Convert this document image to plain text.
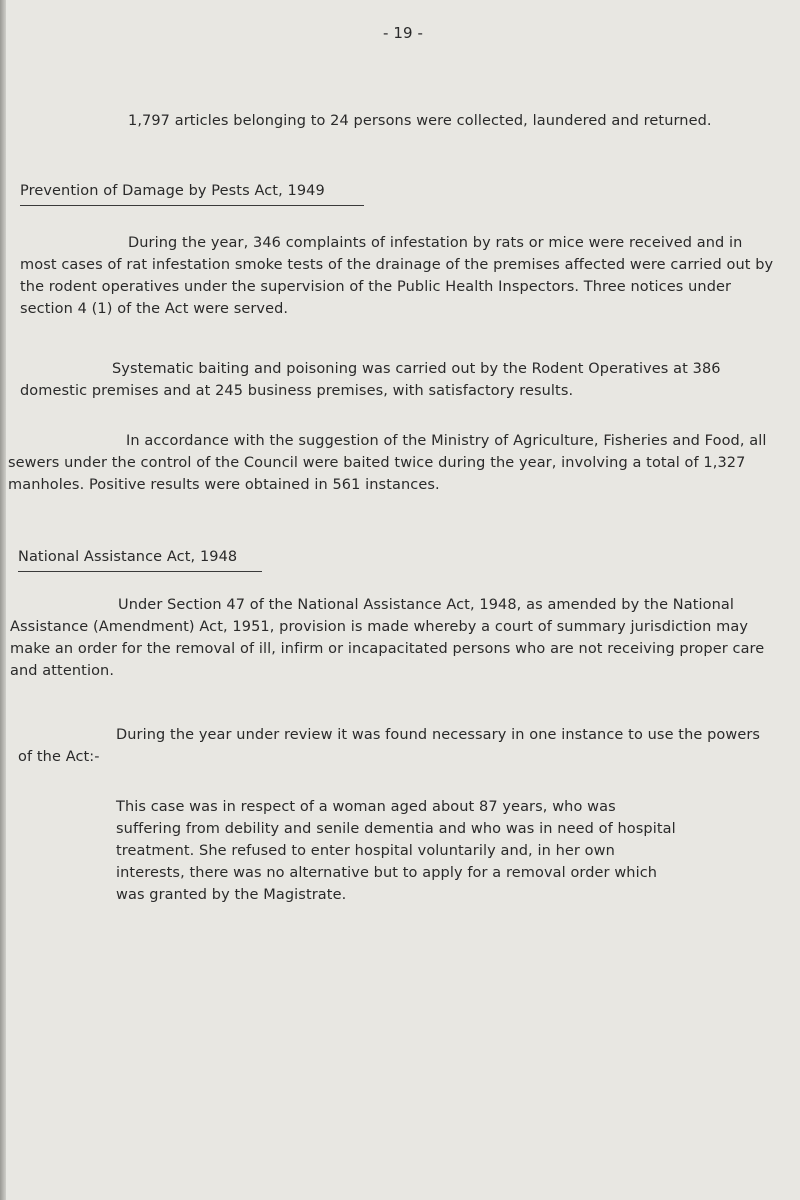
- 19 -

1,797 articles belonging to 24 persons were collected, laundered and returned.

Prevention of Damage by Pests Act, 1949

During the year, 346 complaints of infestation by rats or mice were received and in most cases of rat infestation smoke tests of the drainage of the premises affected were carried out by the rodent operatives under the supervision of the Public Health Inspectors. Three notices under section 4 (1) of the Act were served.

Systematic baiting and poisoning was carried out by the Rodent Operatives at 386 domestic premises and at 245 business premises, with satisfactory results.

In accordance with the suggestion of the Ministry of Agriculture, Fisheries and Food, all sewers under the control of the Council were baited twice during the year, involving a total of 1,327 manholes. Positive results were obtained in 561 instances.

National Assistance Act, 1948

Under Section 47 of the National Assistance Act, 1948, as amended by the National Assistance (Amendment) Act, 1951, provision is made whereby a court of summary jurisdiction may make an order for the removal of ill, infirm or incapacitated persons who are not receiving proper care and attention.

During the year under review it was found necessary in one instance to use the powers of the Act:-

This case was in respect of a woman aged about 87 years, who was suffering from debility and senile dementia and who was in need of hospital treatment. She refused to enter hospital voluntarily and, in her own interests, there was no alternative but to apply for a removal order which was granted by the Magistrate.
